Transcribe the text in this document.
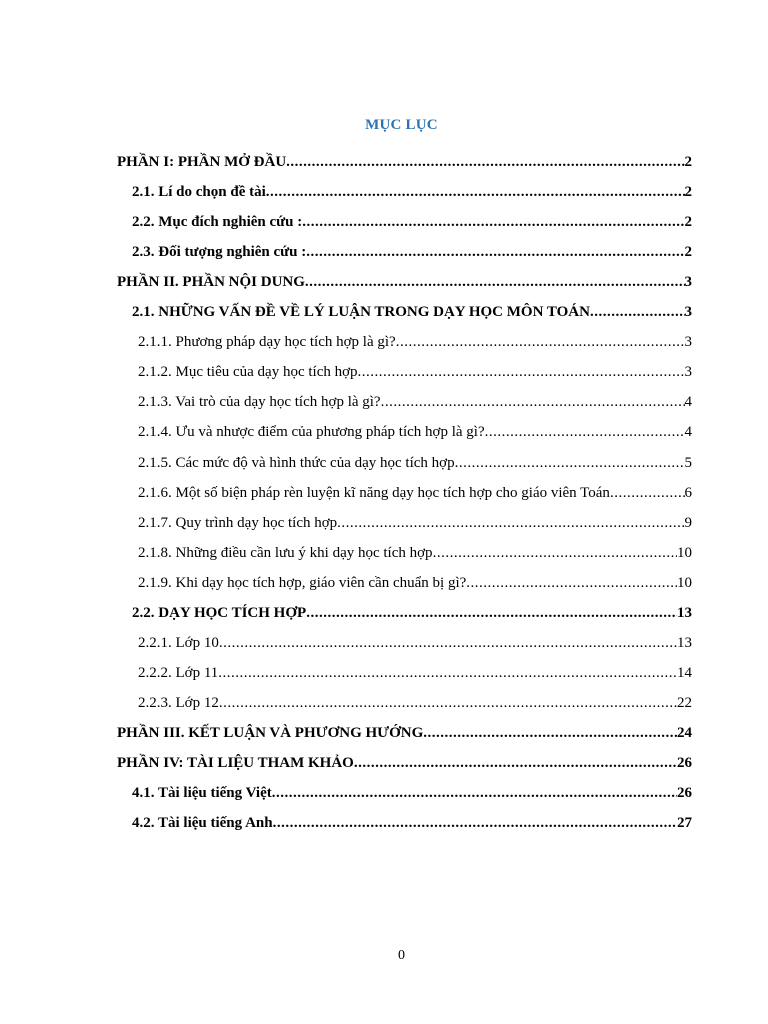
MỤC LỤC
PHẦN I: PHẦN MỞ ĐẦU .....	2
2.1. Lí do chọn đề tài .....	2
2.2. Mục đích nghiên cứu : .....	2
2.3. Đối tượng nghiên cứu : .....	2
PHẦN II. PHẦN NỘI DUNG .....	3
2.1. NHỮNG VẤN ĐỀ VỀ LÝ LUẬN TRONG DẠY HỌC MÔN TOÁN .....	3
2.1.1. Phương pháp dạy học tích hợp là gì? .....	3
2.1.2. Mục tiêu của dạy học tích hợp .....	3
2.1.3. Vai trò của dạy học tích hợp là gì? .....	4
2.1.4. Ưu và nhược điểm của phương pháp tích hợp là gì? .....	4
2.1.5. Các mức độ và hình thức của dạy học tích hợp .....	5
2.1.6. Một số biện pháp rèn luyện kĩ năng dạy học tích hợp cho giáo viên Toán .....	6
2.1.7. Quy trình dạy học tích hợp .....	9
2.1.8. Những điều cần lưu ý khi dạy học tích hợp .....	10
2.1.9. Khi dạy học tích hợp, giáo viên cần chuẩn bị gì? .....	10
2.2. DẠY HỌC TÍCH HỢP .....	13
2.2.1. Lớp 10 .....	13
2.2.2. Lớp 11 .....	14
2.2.3. Lớp 12 .....	22
PHẦN III. KẾT LUẬN VÀ PHƯƠNG HƯỚNG .....	24
PHẦN IV: TÀI LIỆU THAM KHẢO .....	26
4.1. Tài liệu tiếng Việt .....	26
4.2. Tài liệu tiếng Anh .....	27
0
